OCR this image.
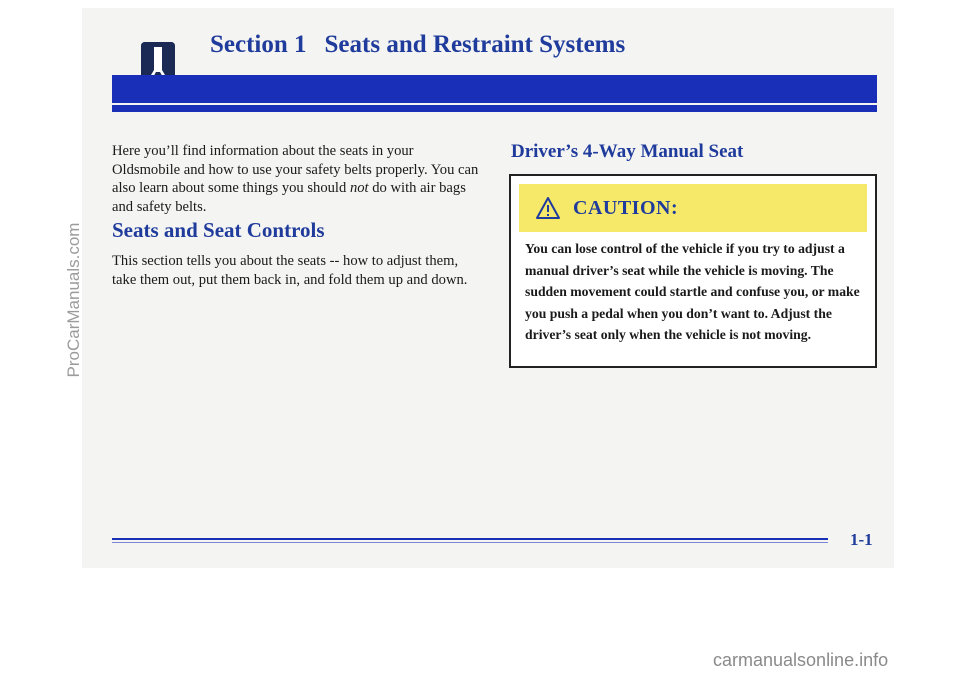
Section 1 Seats and Restraint Systems
Here you’ll find information about the seats in your Oldsmobile and how to use your safety belts properly. You can also learn about some things you should not do with air bags and safety belts.
Seats and Seat Controls
This section tells you about the seats -- how to adjust them, take them out, put them back in, and fold them up and down.
Driver’s 4-Way Manual Seat
CAUTION:
You can lose control of the vehicle if you try to adjust a manual driver’s seat while the vehicle is moving. The sudden movement could startle and confuse you, or make you push a pedal when you don’t want to. Adjust the driver’s seat only when the vehicle is not moving.
1-1
ProCarManuals.com
carmanualsonline.info
